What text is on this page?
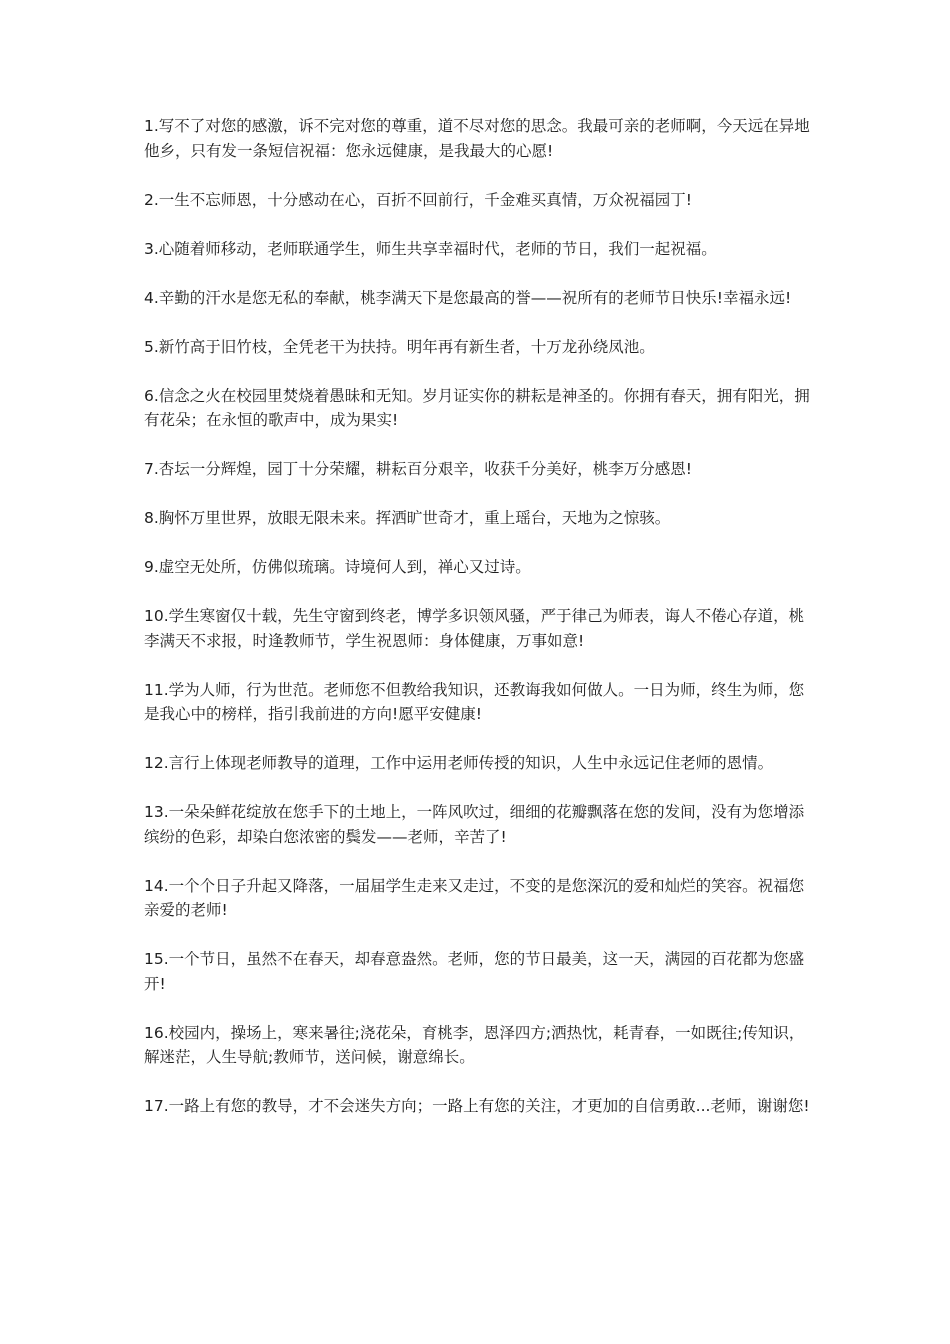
1.写不了对您的感激，诉不完对您的尊重，道不尽对您的思念。我最可亲的老师啊，今天远在异地他乡，只有发一条短信祝福：您永远健康，是我最大的心愿!

2.一生不忘师恩，十分感动在心，百折不回前行，千金难买真情，万众祝福园丁!

3.心随着师移动，老师联通学生，师生共享幸福时代，老师的节日，我们一起祝福。

4.辛勤的汗水是您无私的奉献，桃李满天下是您最高的誉——祝所有的老师节日快乐!幸福永远!

5.新竹高于旧竹枝，全凭老干为扶持。明年再有新生者，十万龙孙绕凤池。

6.信念之火在校园里焚烧着愚昧和无知。岁月证实你的耕耘是神圣的。你拥有春天，拥有阳光，拥有花朵；在永恒的歌声中，成为果实!

7.杏坛一分辉煌，园丁十分荣耀，耕耘百分艰辛，收获千分美好，桃李万分感恩!

8.胸怀万里世界，放眼无限未来。挥洒旷世奇才，重上瑶台，天地为之惊骇。

9.虚空无处所，仿佛似琉璃。诗境何人到，禅心又过诗。

10.学生寒窗仅十载，先生守窗到终老，博学多识领风骚，严于律己为师表，诲人不倦心存道，桃李满天不求报，时逢教师节，学生祝恩师：身体健康，万事如意!

11.学为人师，行为世范。老师您不但教给我知识，还教诲我如何做人。一日为师，终生为师，您是我心中的榜样，指引我前进的方向!愿平安健康!

12.言行上体现老师教导的道理，工作中运用老师传授的知识，人生中永远记住老师的恩情。

13.一朵朵鲜花绽放在您手下的土地上，一阵风吹过，细细的花瓣飘落在您的发间，没有为您增添缤纷的色彩，却染白您浓密的鬓发——老师，辛苦了!

14.一个个日子升起又降落，一届届学生走来又走过，不变的是您深沉的爱和灿烂的笑容。祝福您亲爱的老师!

15.一个节日，虽然不在春天，却春意盎然。老师，您的节日最美，这一天，满园的百花都为您盛开!

16.校园内，操场上，寒来暑往;浇花朵，育桃李，恩泽四方;洒热忱，耗青春，一如既往;传知识，解迷茫，人生导航;教师节，送问候，谢意绵长。

17.一路上有您的教导，才不会迷失方向；一路上有您的关注，才更加的自信勇敢...老师，谢谢您!
